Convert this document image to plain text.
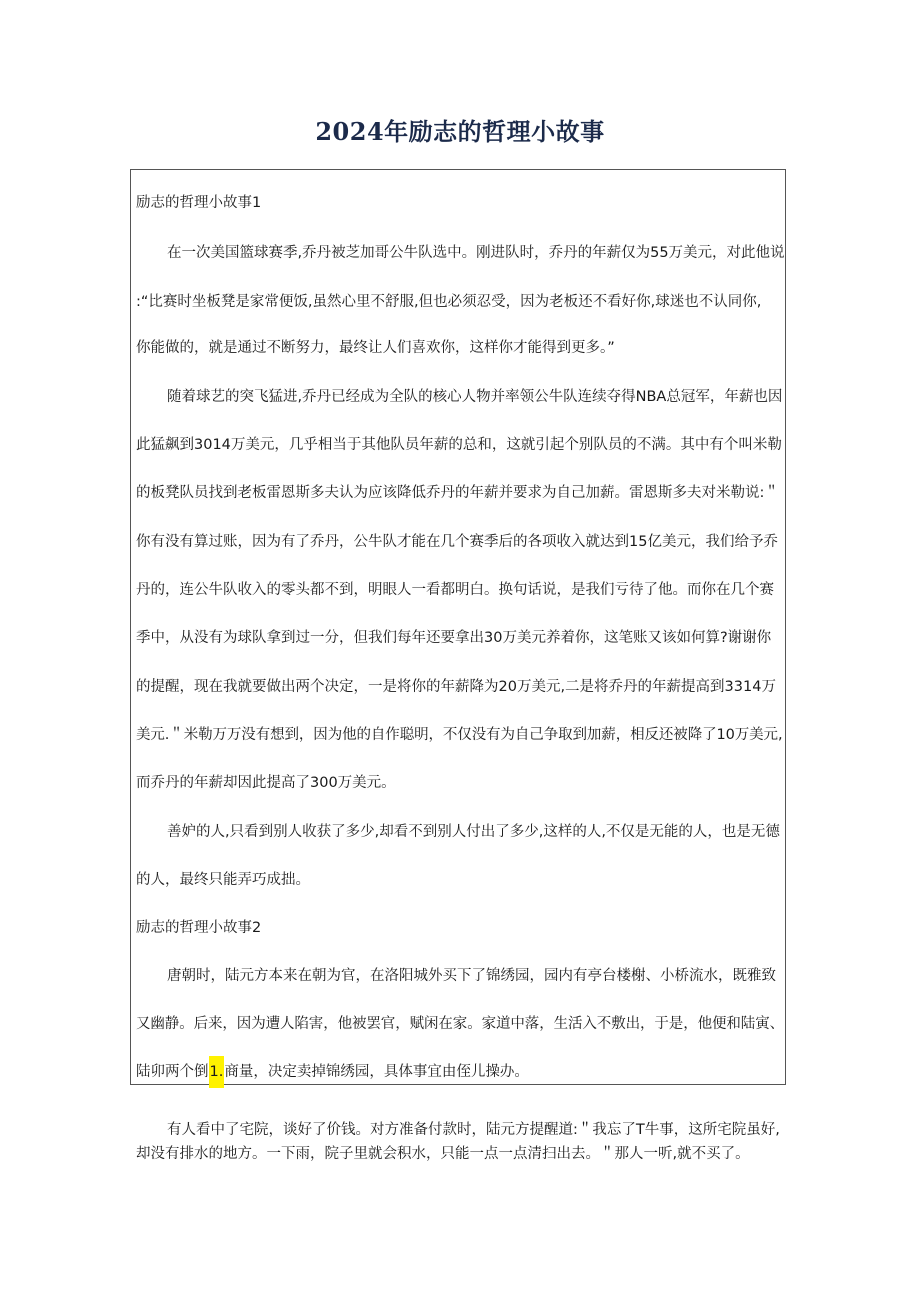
2024年励志的哲理小故事
励志的哲理小故事1
在一次美国篮球赛季,乔丹被芝加哥公牛队选中。刚进队时，乔丹的年薪仅为55万美元，对此他说
:“比赛时坐板凳是家常便饭,虽然心里不舒服,但也必须忍受，因为老板还不看好你,球迷也不认同你,
你能做的，就是通过不断努力，最终让人们喜欢你，这样你才能得到更多。”
随着球艺的突飞猛进,乔丹已经成为全队的核心人物并率领公牛队连续夺得NBA总冠军，年薪也因
此猛飙到3014万美元，几乎相当于其他队员年薪的总和，这就引起个别队员的不满。其中有个叫米勒
的板凳队员找到老板雷恩斯多夫认为应该降低乔丹的年薪并要求为自己加薪。雷恩斯多夫对米勒说:＂
你有没有算过账，因为有了乔丹，公牛队才能在几个赛季后的各项收入就达到15亿美元，我们给予乔
丹的，连公牛队收入的零头都不到，明眼人一看都明白。换句话说，是我们亏待了他。而你在几个赛
季中，从没有为球队拿到过一分，但我们每年还要拿出30万美元养着你，这笔账又该如何算?谢谢你
的提醒，现在我就要做出两个决定，一是将你的年薪降为20万美元,二是将乔丹的年薪提高到3314万
美元.＂米勒万万没有想到，因为他的自作聪明，不仅没有为自己争取到加薪，相反还被降了10万美元,
而乔丹的年薪却因此提高了300万美元。
善妒的人,只看到别人收获了多少,却看不到别人付出了多少,这样的人,不仅是无能的人，也是无德
的人，最终只能弄巧成拙。
励志的哲理小故事2
唐朝时，陆元方本来在朝为官，在洛阳城外买下了锦绣园，园内有亭台楼榭、小桥流水，既雅致
又幽静。后来，因为遭人陷害，他被罢官，赋闲在家。家道中落，生活入不敷出，于是，他便和陆寅、
陆卯两个倒1.商量，决定卖掉锦绣园，具体事宜由侄儿操办。
有人看中了宅院，谈好了价钱。对方准备付款时，陆元方提醒道:＂我忘了T牛事，这所宅院虽好,
却没有排水的地方。一下雨，院子里就会积水，只能一点一点清扫出去。＂那人一听,就不买了。
